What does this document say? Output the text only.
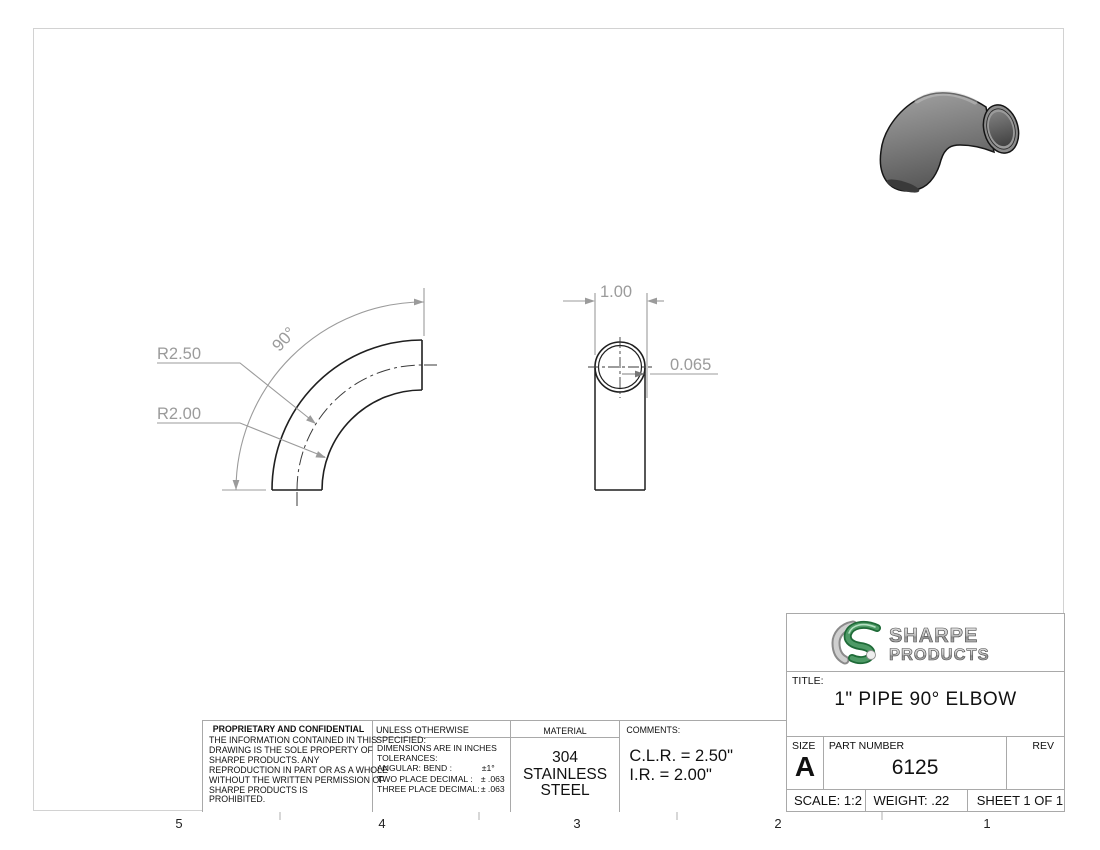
90°
R2.50
R2.00
1.00
0.065
5	4	3	2	1
PROPRIETARY AND CONFIDENTIAL
THE INFORMATION CONTAINED IN THIS
DRAWING IS THE SOLE PROPERTY OF
SHARPE PRODUCTS. ANY
REPRODUCTION IN PART OR AS A WHOLE
WITHOUT THE WRITTEN PERMISSION OF
SHARPE PRODUCTS IS
PROHIBITED.
UNLESS OTHERWISE SPECIFIED:
DIMENSIONS ARE IN INCHES
TOLERANCES:
ANGULAR: BEND :	±1°
TWO PLACE DECIMAL : ± .063
THREE PLACE DECIMAL: ± .063
MATERIAL
304 STAINLESS STEEL
COMMENTS:
C.L.R. = 2.50"
I.R. = 2.00"
SHARPE
PRODUCTS
TITLE:
1" PIPE 90° ELBOW
SIZE
A
PART NUMBER
6125
REV
SCALE: 1:2 WEIGHT: .22	SHEET 1 OF 1
